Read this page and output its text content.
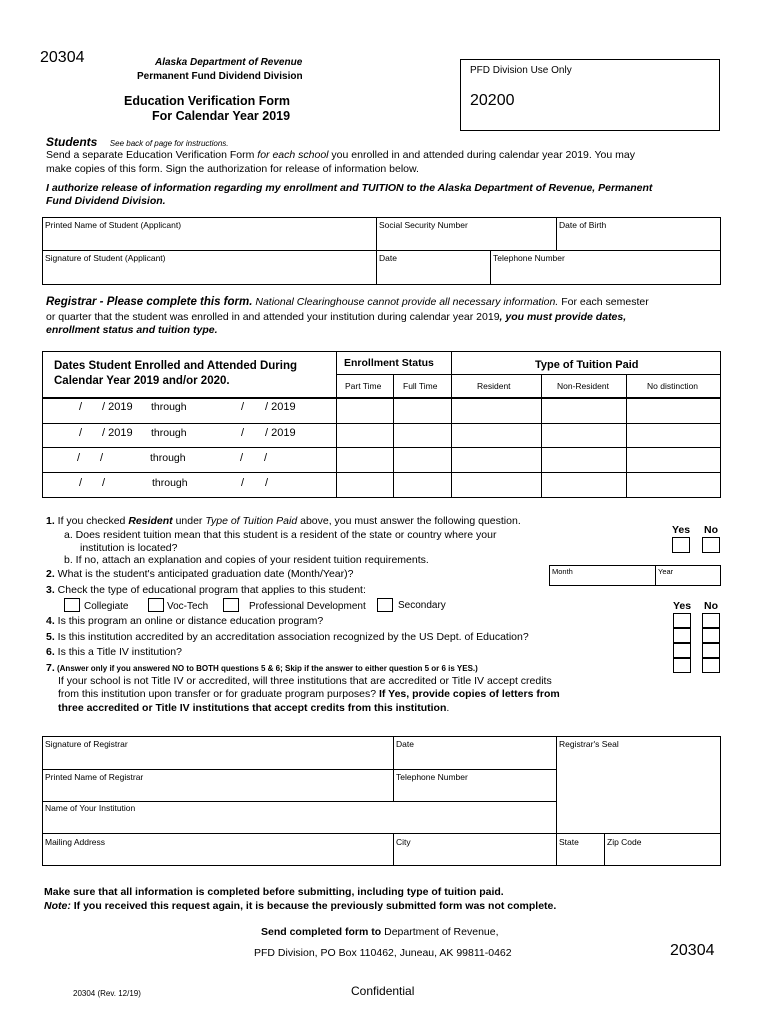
20304	Alaska Department of Revenue
Permanent Fund Dividend Division
Education Verification Form
For Calendar Year 2019
PFD Division Use Only
20200
Students See back of page for instructions.
Send a separate Education Verification Form for each school you enrolled in and attended during calendar year 2019. You may
make copies of this form. Sign the authorization for release of information below.
I authorize release of information regarding my enrollment and TUITION to the Alaska Department of Revenue, Permanent
Fund Dividend Division.
Printed Name of Student (Applicant)	Social Security Number	Date of Birth
Signature of Student (Applicant)	Date	Telephone Number
Registrar - Please complete this form. National Clearinghouse cannot provide all necessary information. For each semester
or quarter that the student was enrolled in and attended your institution during calendar year 2019, you must provide dates,
enrollment status and tuition type.
Dates Student Enrolled and Attended During
Calendar Year 2019 and/or 2020.
Enrollment Status
Part Time	Full Time
Type of Tuition Paid
Resident	Non-Resident	No distinction
/ / 2019 through	/ / 2019
/ / 2019 through	/ / 2019
/ /	through	/ /
/ /	through	/ /
1. If you checked Resident under Type of Tuition Paid above, you must answer the following question.
Yes No
a. Does resident tuition mean that this student is a resident of the state or country where your
institution is located?
b. If no, attach an explanation and copies of your resident tuition requirements.
2. What is the student's anticipated graduation date (Month/Year)?	Month	Year
3. Check the type of educational program that applies to this student:
Collegiate	Voc-Tech	Professional Development	Secondary	Yes No
4. Is this program an online or distance education program?
5. Is this institution accredited by an accreditation association recognized by the US Dept. of Education?
6. Is this a Title IV institution?
7. (Answer only if you answered NO to BOTH questions 5 & 6; Skip if the answer to either question 5 or 6 is YES.)
If your school is not Title IV or accredited, will three institutions that are accredited or Title IV accept credits
from this institution upon transfer or for graduate program purposes? If Yes, provide copies of letters from
three accredited or Title IV institutions that accept credits from this institution.
Signature of Registrar	Date	Registrar's Seal
Printed Name of Registrar	Telephone Number
Name of Your Institution
Mailing Address	City	State	Zip Code
Make sure that all information is completed before submitting, including type of tuition paid.
Note: If you received this request again, it is because the previously submitted form was not complete.
Send completed form to Department of Revenue,
PFD Division, PO Box 110462, Juneau, AK 99811-0462	20304
20304 (Rev. 12/19)	Confidential
